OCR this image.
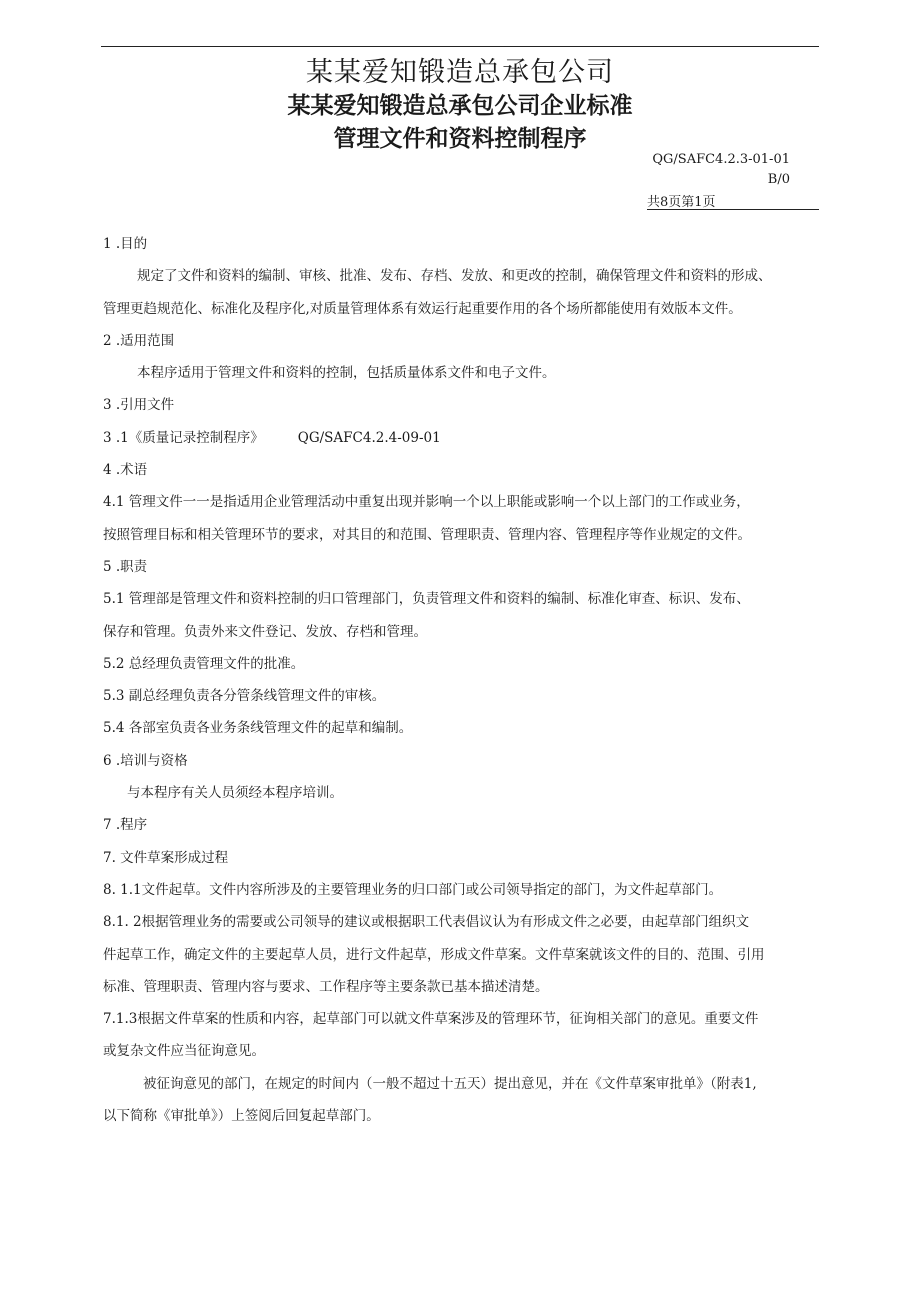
某某爱知锻造总承包公司
某某爱知锻造总承包公司企业标准
管理文件和资料控制程序
QG/SAFC4.2.3-01-01
B/0
共8页第1页

1 .目的

规定了文件和资料的编制、审核、批准、发布、存档、发放、和更改的控制，确保管理文件和资料的形成、

管理更趋规范化、标准化及程序化,对质量管理体系有效运行起重要作用的各个场所都能使用有效版本文件。

2 .适用范围

本程序适用于管理文件和资料的控制，包括质量体系文件和电子文件。

3 .引用文件

3 .1《质量记录控制程序》	QG/SAFC4.2.4-09-01

4 .术语

4.1 管理文件一一是指适用企业管理活动中重复出现并影响一个以上职能或影响一个以上部门的工作或业务，

按照管理目标和相关管理环节的要求，对其目的和范围、管理职责、管理内容、管理程序等作业规定的文件。

5 .职责

5.1 管理部是管理文件和资料控制的归口管理部门，负责管理文件和资料的编制、标准化审查、标识、发布、

保存和管理。负责外来文件登记、发放、存档和管理。

5.2 总经理负责管理文件的批准。

5.3 副总经理负责各分管条线管理文件的审核。

5.4 各部室负责各业务条线管理文件的起草和编制。

6 .培训与资格

与本程序有关人员须经本程序培训。

7 .程序

7. 文件草案形成过程

8. 1.1文件起草。文件内容所涉及的主要管理业务的归口部门或公司领导指定的部门，为文件起草部门。

8.1. 2根据管理业务的需要或公司领导的建议或根据职工代表倡议认为有形成文件之必要，由起草部门组织文

件起草工作，确定文件的主要起草人员，进行文件起草，形成文件草案。文件草案就该文件的目的、范围、引用

标准、管理职责、管理内容与要求、工作程序等主要条款已基本描述清楚。

7.1.3根据文件草案的性质和内容，起草部门可以就文件草案涉及的管理环节，征询相关部门的意见。重要文件

或复杂文件应当征询意见。

被征询意见的部门，在规定的时间内（一般不超过十五天）提出意见，并在《文件草案审批单》（附表1,

以下简称《审批单》）上签阅后回复起草部门。
